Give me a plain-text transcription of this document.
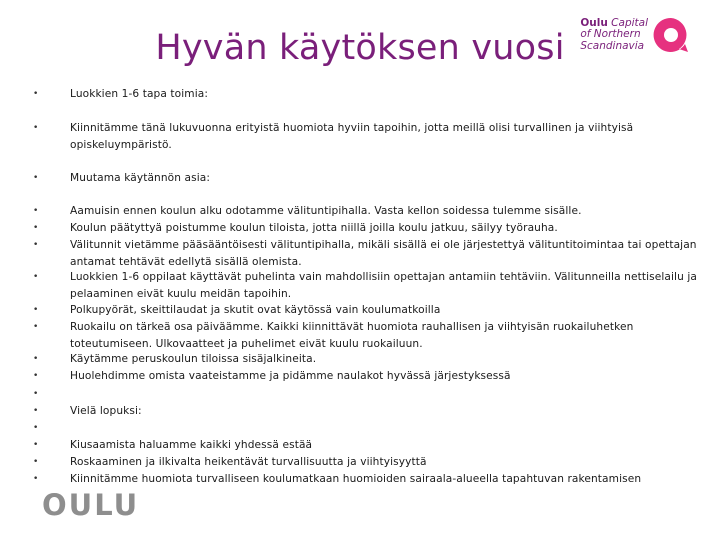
Hyvän käytöksen vuosi
Oulu Capital
of Northern
Scandinavia
•	Luokkien 1-6 tapa toimia:
•	Kiinnitämme tänä lukuvuonna erityistä huomiota hyviin tapoihin, jotta meillä olisi turvallinen ja viihtyisä opiskeluympäristö.
•	Muutama käytännön asia:
•	Aamuisin ennen koulun alku odotamme välituntipihalla. Vasta kellon soidessa tulemme sisälle.
•	Koulun päätyttyä poistumme koulun tiloista, jotta niillä joilla koulu jatkuu, säilyy työrauha.
•	Välitunnit vietämme pääsääntöisesti välituntipihalla, mikäli sisällä ei ole järjestettyä välituntitoimintaa tai opettajan antamat tehtävät edellytä sisällä olemista.
•	Luokkien 1-6 oppilaat käyttävät puhelinta vain mahdollisiin opettajan antamiin tehtäviin. Välitunneilla nettiselailu ja pelaaminen eivät kuulu meidän tapoihin.
•	Polkupyörät, skeittilaudat ja skutit ovat käytössä vain koulumatkoilla
•	Ruokailu on tärkeä osa päiväämme. Kaikki kiinnittävät huomiota rauhallisen ja viihtyisän ruokailuhetken toteutumiseen. Ulkovaatteet ja puhelimet eivät kuulu ruokailuun.
•	Käytämme peruskoulun tiloissa sisäjalkineita.
•	Huolehdimme omista vaateistamme ja pidämme naulakot hyvässä järjestyksessä
•
•	Vielä lopuksi:
•
•	Kiusaamista haluamme kaikki yhdessä estää
•	Roskaaminen ja ilkivalta heikentävät turvallisuutta ja viihtyisyyttä
•	Kiinnitämme huomiota turvalliseen koulumatkaan huomioiden sairaala-alueella tapahtuvan rakentamisen
OULU
